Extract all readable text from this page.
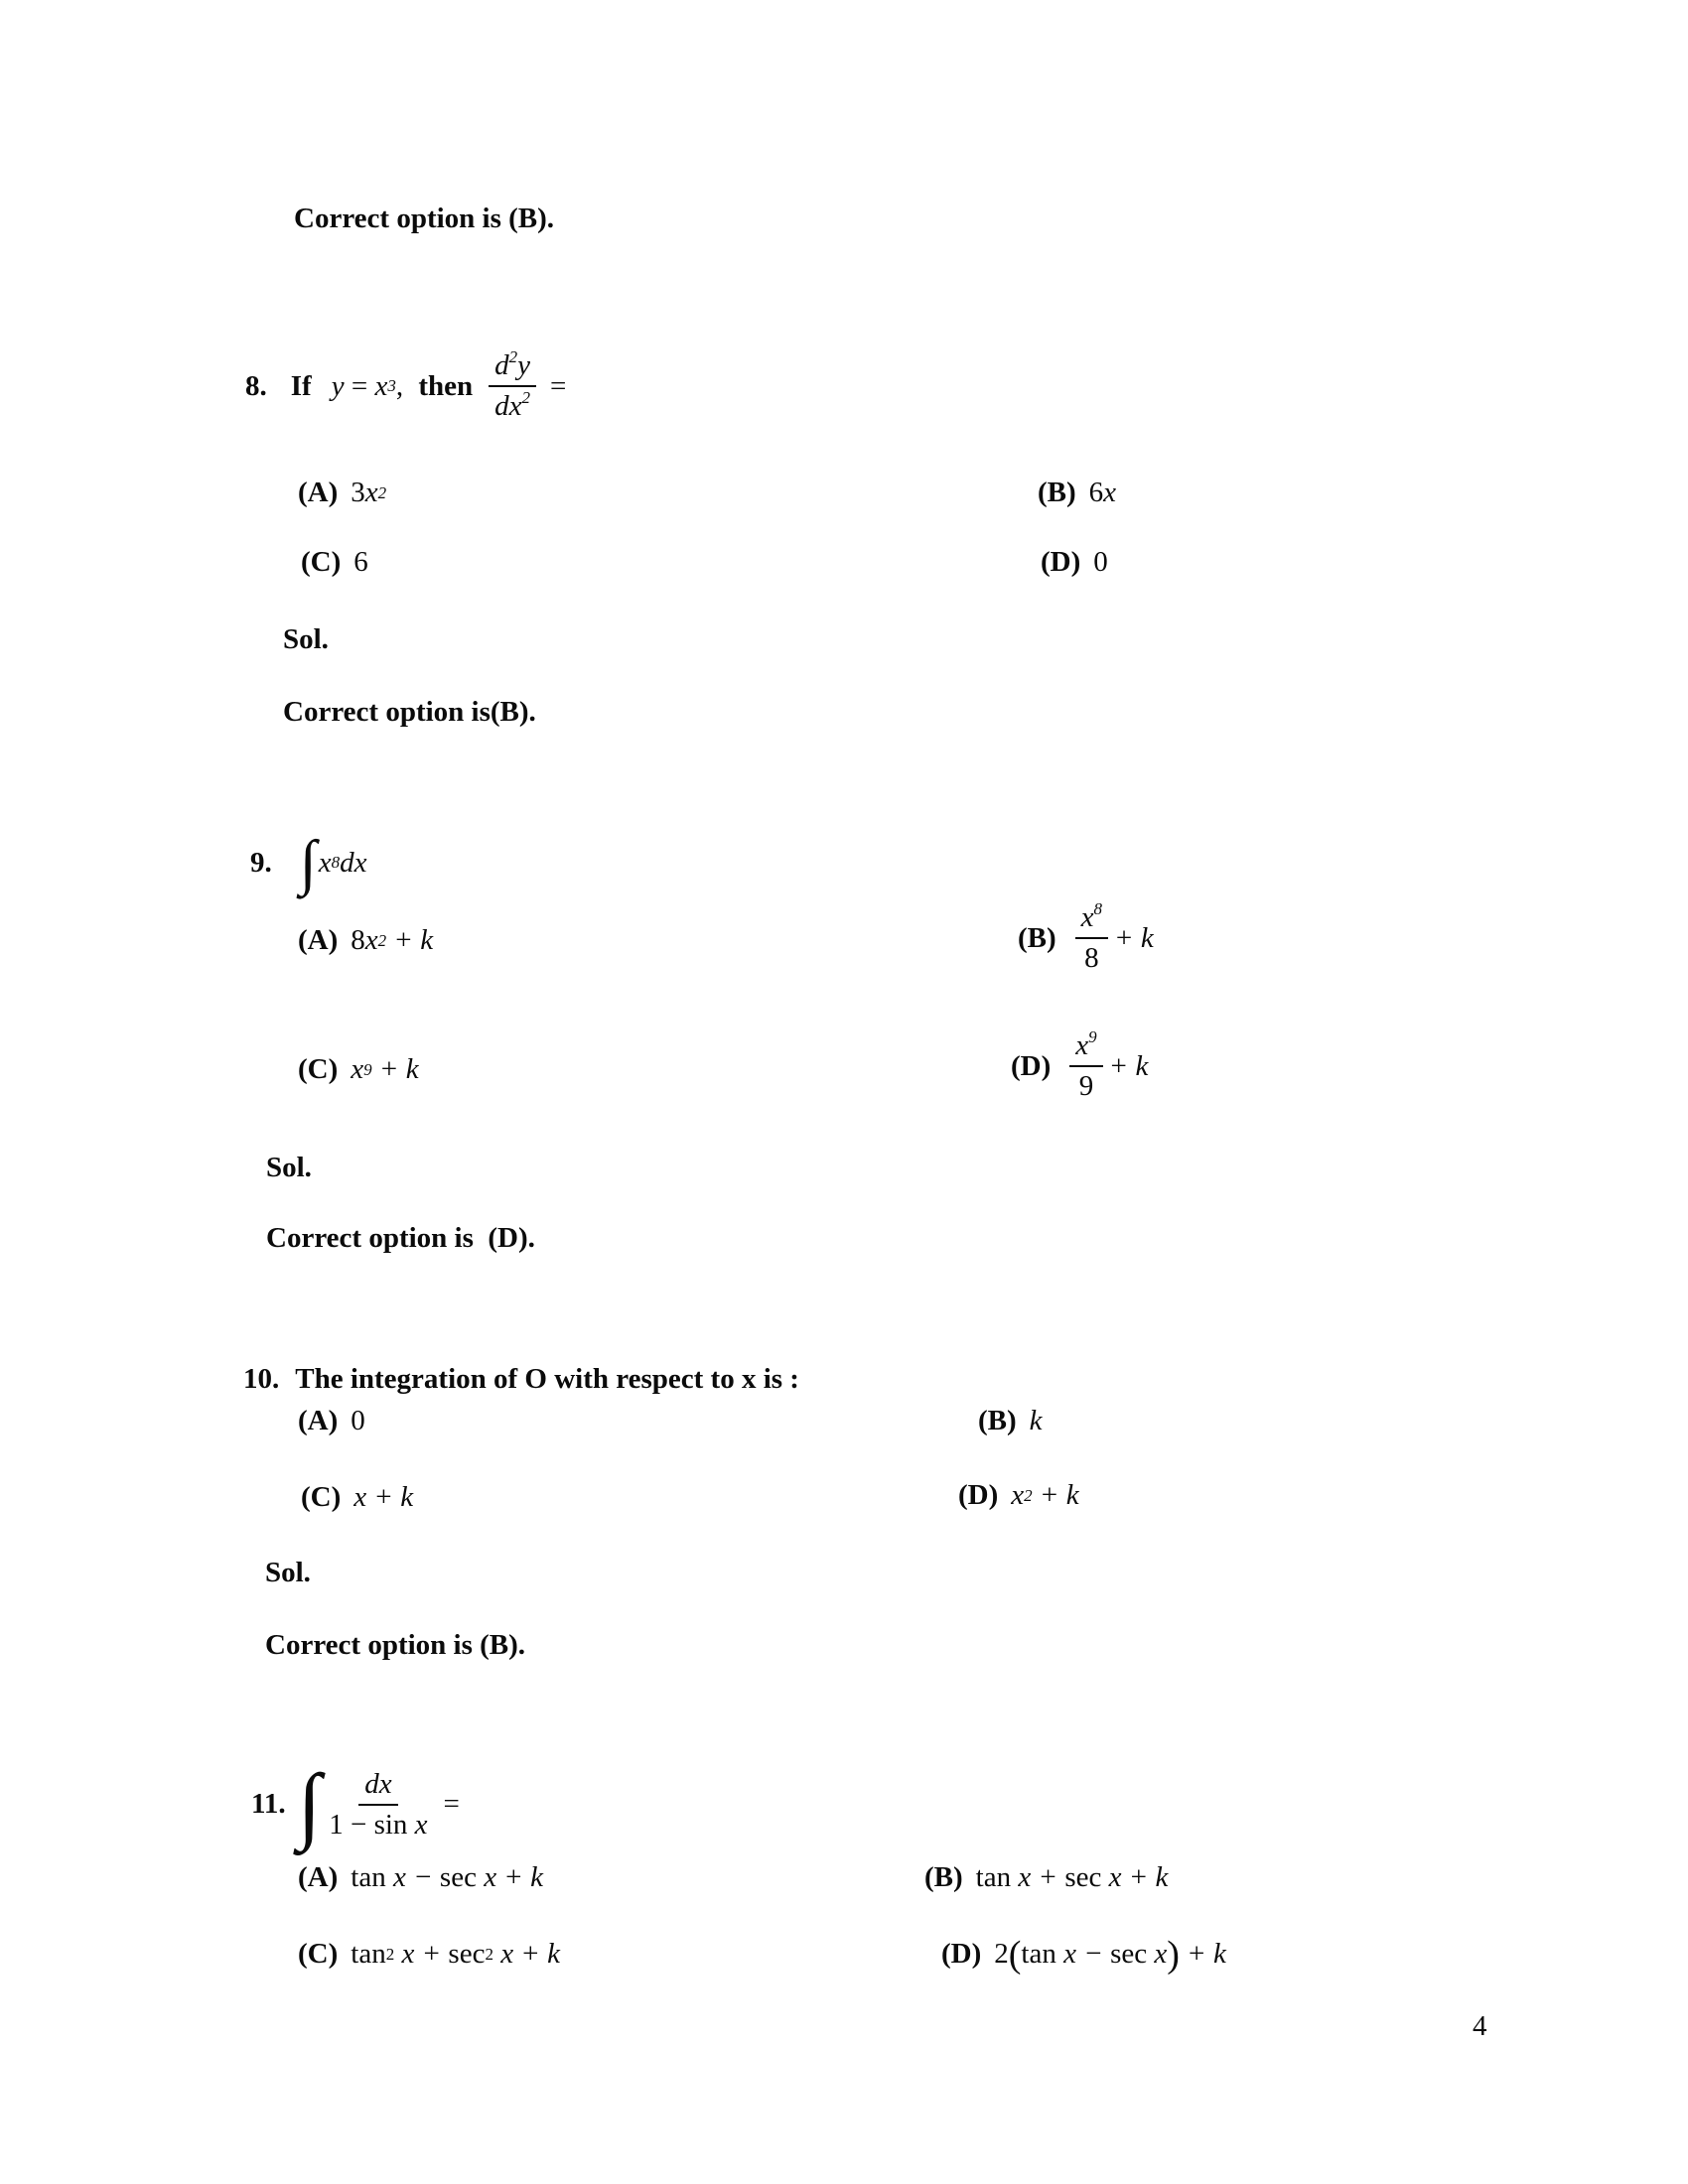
Correct option is (B).
8. If y = x 3 , then $\frac{d^2y}{dx^2}$ =
(A) 3 x 2	(B) 6 x
(C) 6	(D) 0
Sol.
Correct option is(B).
9. ∫ x 8 dx
(A) 8 x 2 + k	$(B) \frac{x^8}{8} + k$
(C) x 9 + k	$(D) \frac{x^9}{9} + k$
Sol.
Correct option is  (D).
10. The integration of O with respect to x is :
(A) 0	(B) k
(C) x + k	(D) x 2 + k
Sol.
Correct option is (B).
11. ∫ $\frac{dx}{\text{1 − sin x}}$ =
(A) tan x − sec x + k	(B) tan x + sec x + k
(C) tan 2 x + sec 2 x + k	(D) 2 ( tan x − sec x ) + k
4
